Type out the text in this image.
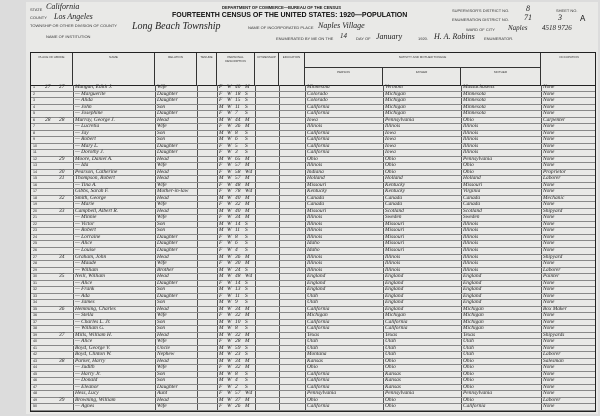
STATE California
COUNTY Los Angeles
TOWNSHIP OR OTHER DIVISION OF COUNTY Long Beach Township
NAME OF INSTITUTION
DEPARTMENT OF COMMERCE—BUREAU OF THE CENSUS
FOURTEENTH CENSUS OF THE UNITED STATES: 1920—POPULATION
NAME OF INCORPORATED PLACE Naples Village
ENUMERATED BY ME ON THE 14 DAY OF January	1920. H. A. Robins ENUMERATOR.
SUPERVISOR'S DISTRICT NO. 8
ENUMERATION DISTRICT NO. 71
SHEET NO.
3 A
WARD OF CITY Naples 4518 9726
PLACE OF ABODE	NAME	RELATION	TENURE	PERSONAL DESCRIPTION
CITIZENSHIP	EDUCATION	NATIVITY AND MOTHER TONGUE
PERSON	FATHER	MOTHER
OCCUPATION
1	27	27	Mangan, Edith J.	Wife	F W 40 M	Minnesota	Vermont	Massachusetts	None
2	— Marguerite	Daughter	F W 18 S	Colorado	Michigan	Minnesota	None
3	— Alida	Daughter	F W 15 S	Colorado	Michigan	Minnesota	None
4	— John	Son	M W 11 S	California	Michigan	Minnesota	None
5	— Josephine	Daughter	F W 7	S	California	Michigan	Minnesota	None
6	28	28	Murray, George J.	Head	M W 44 M	Iowa	Pennsylvania	Ohio	Carpenter
7	— Lucretia	Wife	F W 36 M	Illinois	Illinois	Illinois	None
8	— Jay	Son	M W 8	S	California	Iowa	Illinois	None
9	— Robert	Son	M W 6	S	California	Iowa	Illinois	None
10	— Mary L.	Daughter	F W 5	S	California	Iowa	Illinois	None
11	— Dorothy J.	Daughter	F W 3	S	California	Iowa	Illinois	None
12	29	Moore, Daniel A.	Head	M W 65 M	Ohio	Ohio	Pennsylvania	None
13	— Ida	Wife	F W 57 M	Illinois	Ohio	Ohio	None
14	30	Pearson, Catherine	Head	F W 58 Wd	Indiana	Ohio	Ohio	Proprietor
15	31	Thompson, Robert	Head	M W 57 M	Holland	Holland	Holland	Laborer
16	— Tina A.	Wife	F W 48 M	Missouri	Kentucky	Missouri	None
17	Gibbs, Sarah F.	Mother-in-law	F W 78 Wd	Kentucky	Kentucky	Virginia	None
18	32	Smith, George	Head	M W 40 M	Canada	Canada	Canada	Mechanic
19	— Marie	Wife	F W 32 M	Canada	Canada	Canada	None
20	33	Campbell, Albert R.	Head	M W 40 M	Missouri	Scotland	Scotland	Shipyard
21	— Minnie	Wife	F W 34 M	Illinois	Sweden	Sweden	None
22	— Victor	Son	M W 14 S	Illinois	Missouri	Illinois	None
23	— Robert	Son	M W 11 S	Illinois	Missouri	Illinois	None
24	— Lorraine	Daughter	F W 8	S	Illinois	Missouri	Illinois	None
25	— Alice	Daughter	F W 6	S	Idaho	Missouri	Illinois	None
26	— Louise	Daughter	F W 4	S	Idaho	Missouri	Illinois	None
27	34	Graham, John	Head	M W 36 M	Illinois	Illinois	Illinois	Shipyard
28	— Maude	Wife	F W 30 M	Illinois	Illinois	Illinois	None
29	— William	Brother	M W 24 S	Illinois	Illinois	Illinois	Laborer
30	35	Neill, William	Head	M W 48 Wd	England	England	England	Painter
31	— Alice	Daughter	F W 14 S	England	England	England	None
32	— Frank	Son	M W 13 S	England	England	England	None
33	— Ada	Daughter	F W 11 S	Utah	England	England	None
34	— James	Son	M W 9	S	Utah	England	England	None
35	36	Hemming, Charles	Head	M W 34 M	California	England	Michigan	Box Maker
36	— Stella	Wife	F W 32 M	Michigan	Michigan	Michigan	None
37	— Charles L. Jr.	Son	M W 10 S	California	California	Michigan	None
38	— William G.	Son	M W 8	S	California	California	Michigan	None
39	37	Mills, William H.	Head	M W 32 M	Texas	Texas	Texas	Shipyards
40	— Alice	Wife	F W 28 M	Utah	Utah	Utah	None
41	Boyd, George V.	Uncle	M W 59 S	Utah	Utah	Utah	None
42	Boyd, Clinton W.	Nephew	M W 23 S	Montana	Utah	Utah	Laborer
43	38	Parker, Harry	Head	M W 34 M	Kansas	Ohio	Ohio	Salesman
44	— Judith	Wife	F W 32 M	Ohio	Ohio	Ohio	None
45	— Harry Jr.	Son	M W 8	S	California	Kansas	Ohio	None
46	— Donald	Son	M W 4	S	California	Kansas	Ohio	None
47	— Eleanor	Daughter	F W 2	S	California	Kansas	Ohio	None
48	Hess, Lucy	Aunt	F W 57 Wd	Pennsylvania	Pennsylvania	Pennsylvania	None
49	39	Browning, William	Head	M W 37 M	Ohio	Ohio	Ohio	Laborer
50	— Agnes	Wife	F W 26 M	California	Ohio	California	None
